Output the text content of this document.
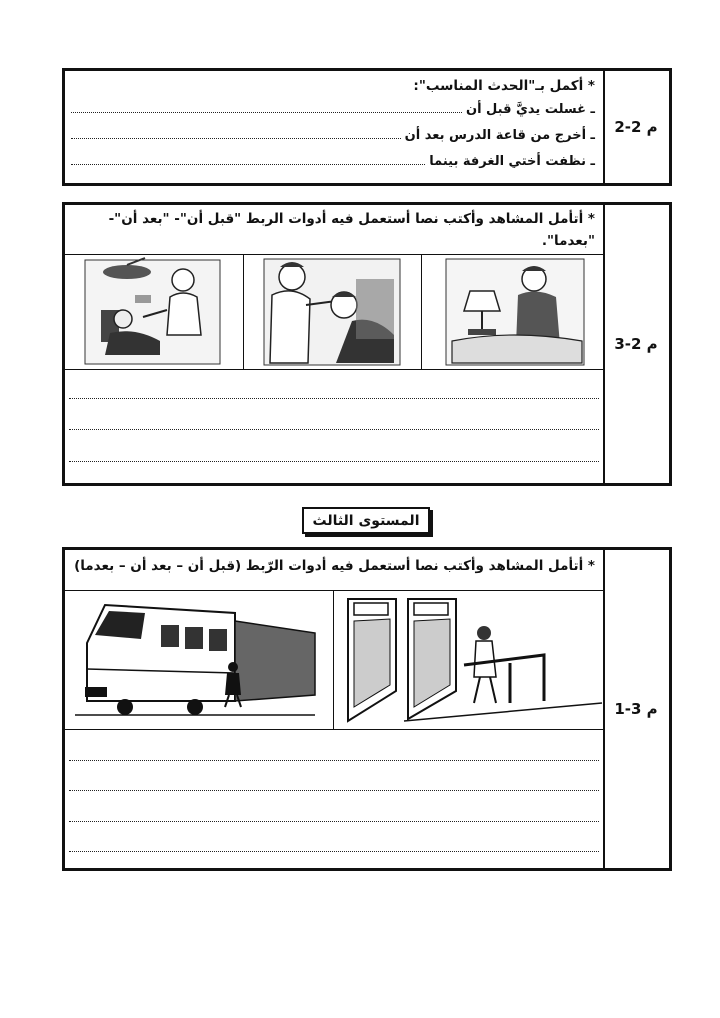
* أكمل بـ"الحدث المناسب":
ـ غسلت يديَّ قبل أن
ـ أخرج من قاعة الدرس بعد أن
ـ نظفت أختي الغرفة بينما
م 2-2
* أتأمل المشاهد وأكتب نصا أستعمل فيه أدوات الربط "قبل أن"- "بعد أن"-
"بعدما".
م 2-3
المستوى الثالث
* أتأمل المشاهد وأكتب نصا أستعمل فيه أدوات الرّبط (قبل أن – بعد أن – بعدما)
م 3-1
